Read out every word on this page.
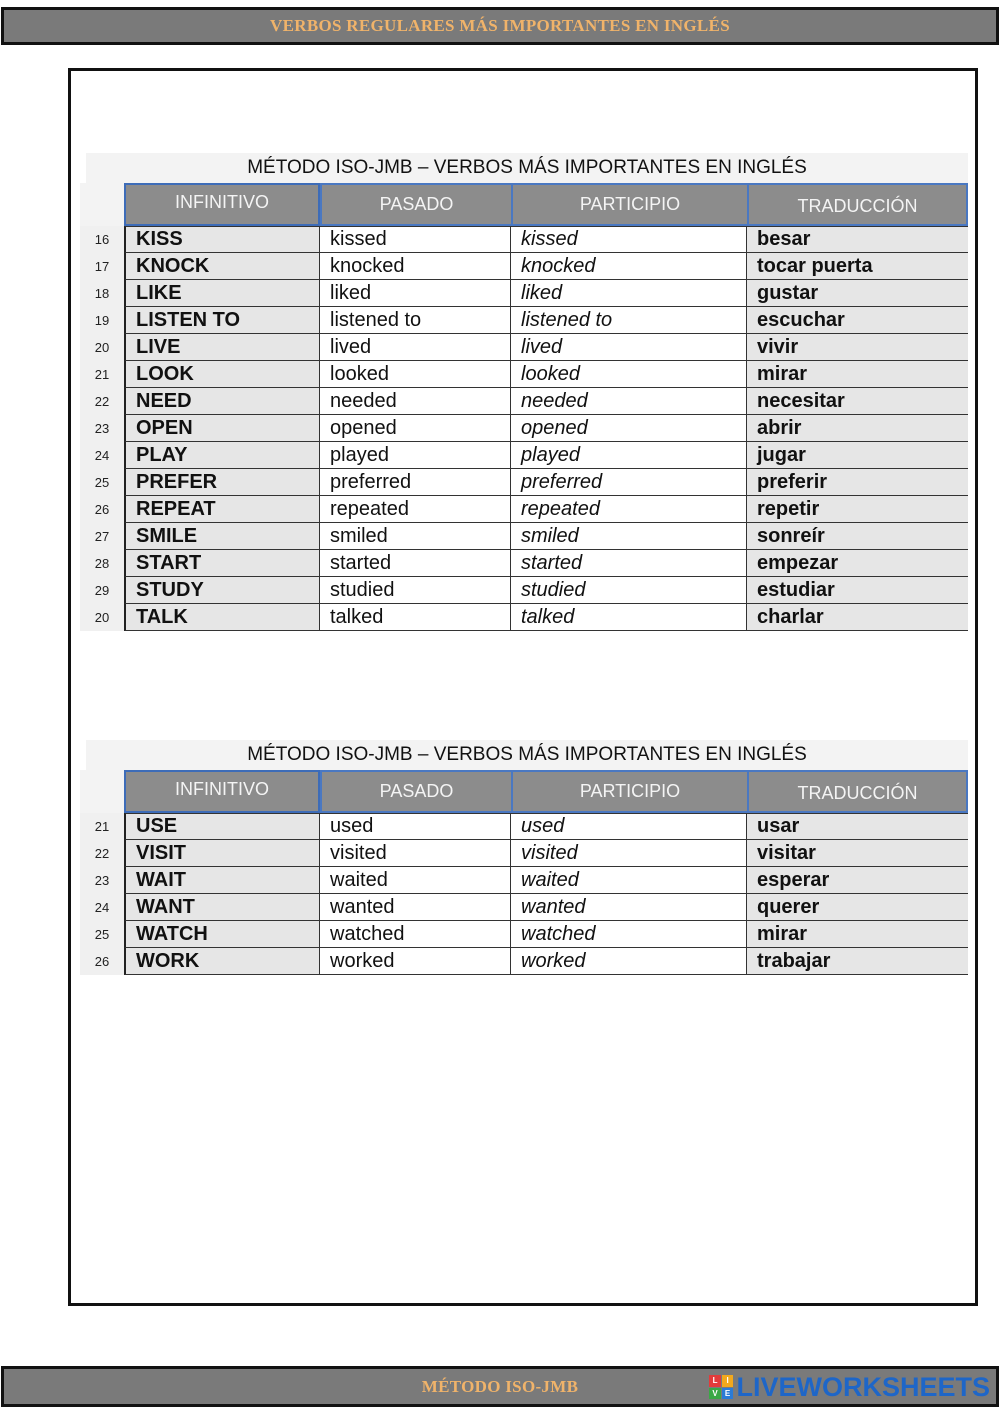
VERBOS REGULARES MÁS IMPORTANTES EN INGLÉS
MÉTODO ISO-JMB – VERBOS MÁS IMPORTANTES EN INGLÉS
INFINITIVO	PASADO	PARTICIPIO	TRADUCCIÓN
16	KISS	kissed	kissed	besar
17	KNOCK	knocked	knocked	tocar puerta
18	LIKE	liked	liked	gustar
19	LISTEN TO	listened to	listened to	escuchar
20	LIVE	lived	lived	vivir
21	LOOK	looked	looked	mirar
22	NEED	needed	needed	necesitar
23	OPEN	opened	opened	abrir
24	PLAY	played	played	jugar
25	PREFER	preferred	preferred	preferir
26	REPEAT	repeated	repeated	repetir
27	SMILE	smiled	smiled	sonreír
28	START	started	started	empezar
29	STUDY	studied	studied	estudiar
20	TALK	talked	talked	charlar
MÉTODO ISO-JMB – VERBOS MÁS IMPORTANTES EN INGLÉS
INFINITIVO	PASADO	PARTICIPIO	TRADUCCIÓN
21	USE	used	used	usar
22	VISIT	visited	visited	visitar
23	WAIT	waited	waited	esperar
24	WANT	wanted	wanted	querer
25	WATCH	watched	watched	mirar
26	WORK	worked	worked	trabajar
MÉTODO ISO-JMB	L	I
V E LIVEWORKSHEETS
